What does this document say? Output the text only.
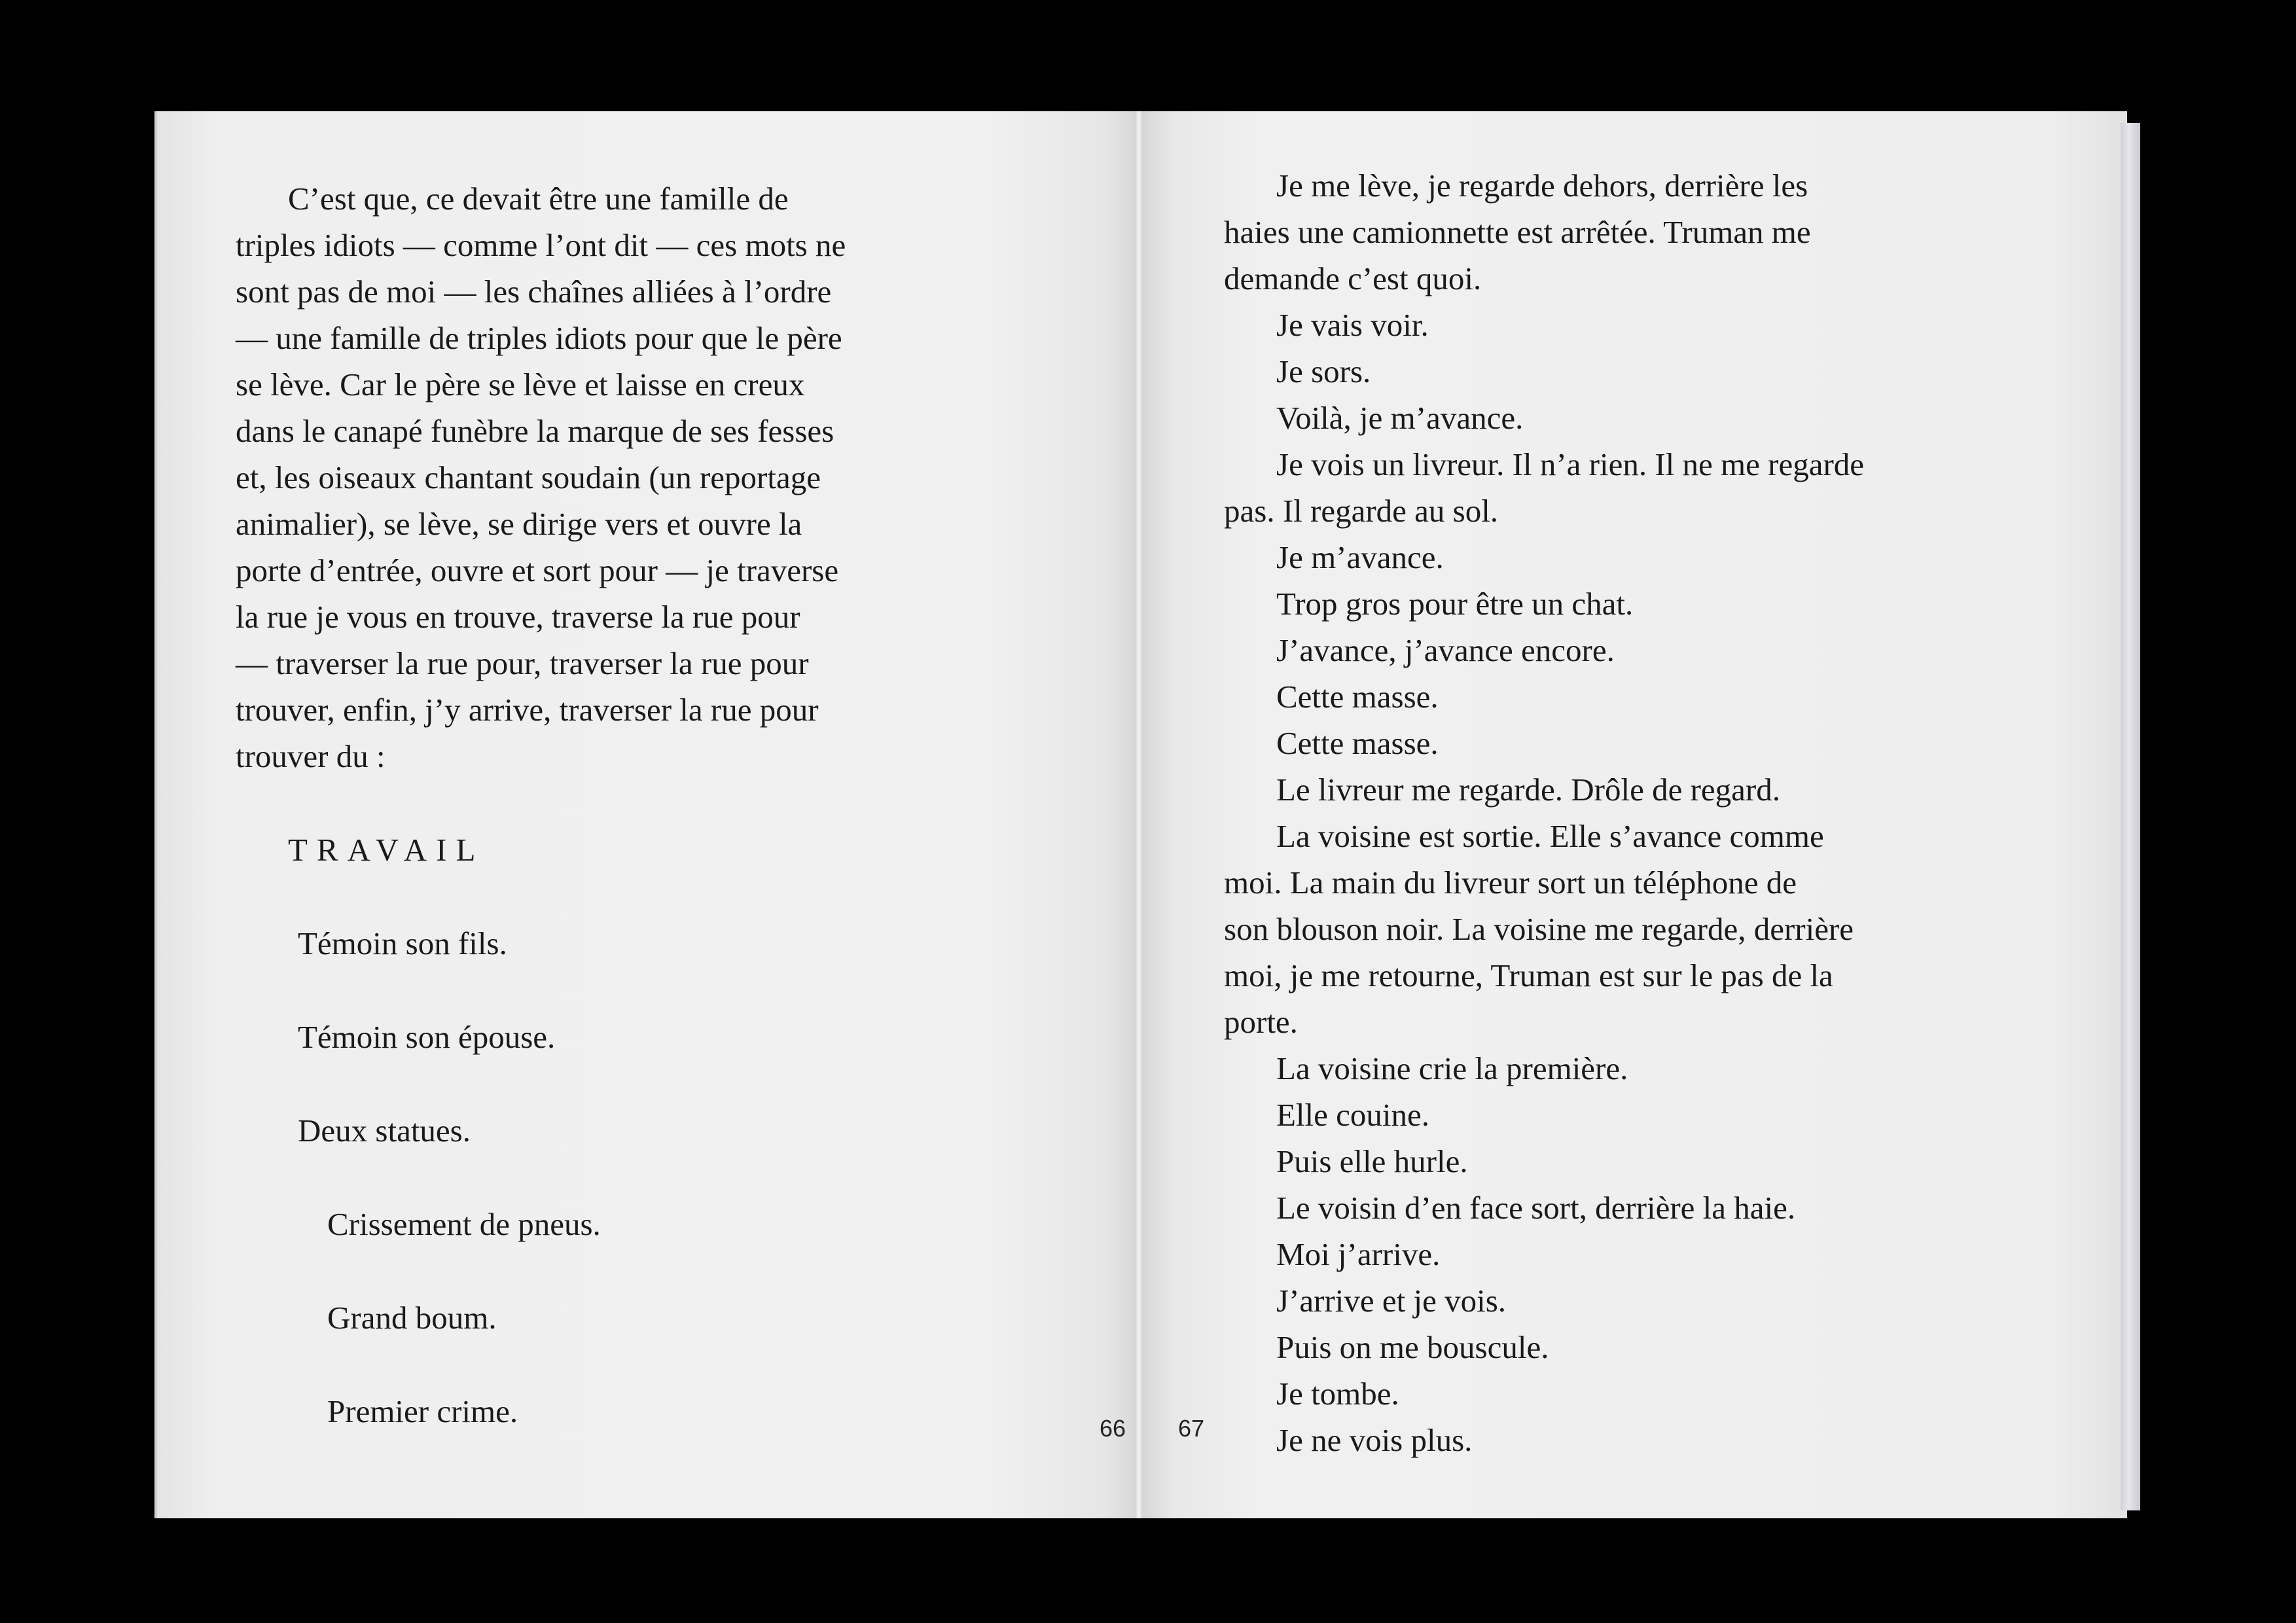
C’est que, ce devait être une famille de
triples idiots — comme l’ont dit — ces mots ne
sont pas de moi — les chaînes alliées à l’ordre
— une famille de triples idiots pour que le père
se lève. Car le père se lève et laisse en creux
dans le canapé funèbre la marque de ses fesses
et, les oiseaux chantant soudain (un reportage
animalier), se lève, se dirige vers et ouvre la
porte d’entrée, ouvre et sort pour — je traverse
la rue je vous en trouve, traverse la rue pour
— traverser la rue pour, traverser la rue pour
trouver, enfin, j’y arrive, traverser la rue pour
trouver du :
TRAVAIL
Témoin son fils.
Témoin son épouse.
Deux statues.
Crissement de pneus.
Grand boum.
Premier crime.	66
Je me lève, je regarde dehors, derrière les
haies une camionnette est arrêtée. Truman me
demande c’est quoi.
Je vais voir.
Je sors.
Voilà, je m’avance.
Je vois un livreur. Il n’a rien. Il ne me regarde
pas. Il regarde au sol.
Je m’avance.
Trop gros pour être un chat.
J’avance, j’avance encore.
Cette masse.
Cette masse.
Le livreur me regarde. Drôle de regard.
La voisine est sortie. Elle s’avance comme
moi. La main du livreur sort un téléphone de
son blouson noir. La voisine me regarde, derrière
moi, je me retourne, Truman est sur le pas de la
porte.
La voisine crie la première.
Elle couine.
Puis elle hurle.
Le voisin d’en face sort, derrière la haie.
Moi j’arrive.
J’arrive et je vois.
Puis on me bouscule.
Je tombe.
Je ne vois plus.
67
